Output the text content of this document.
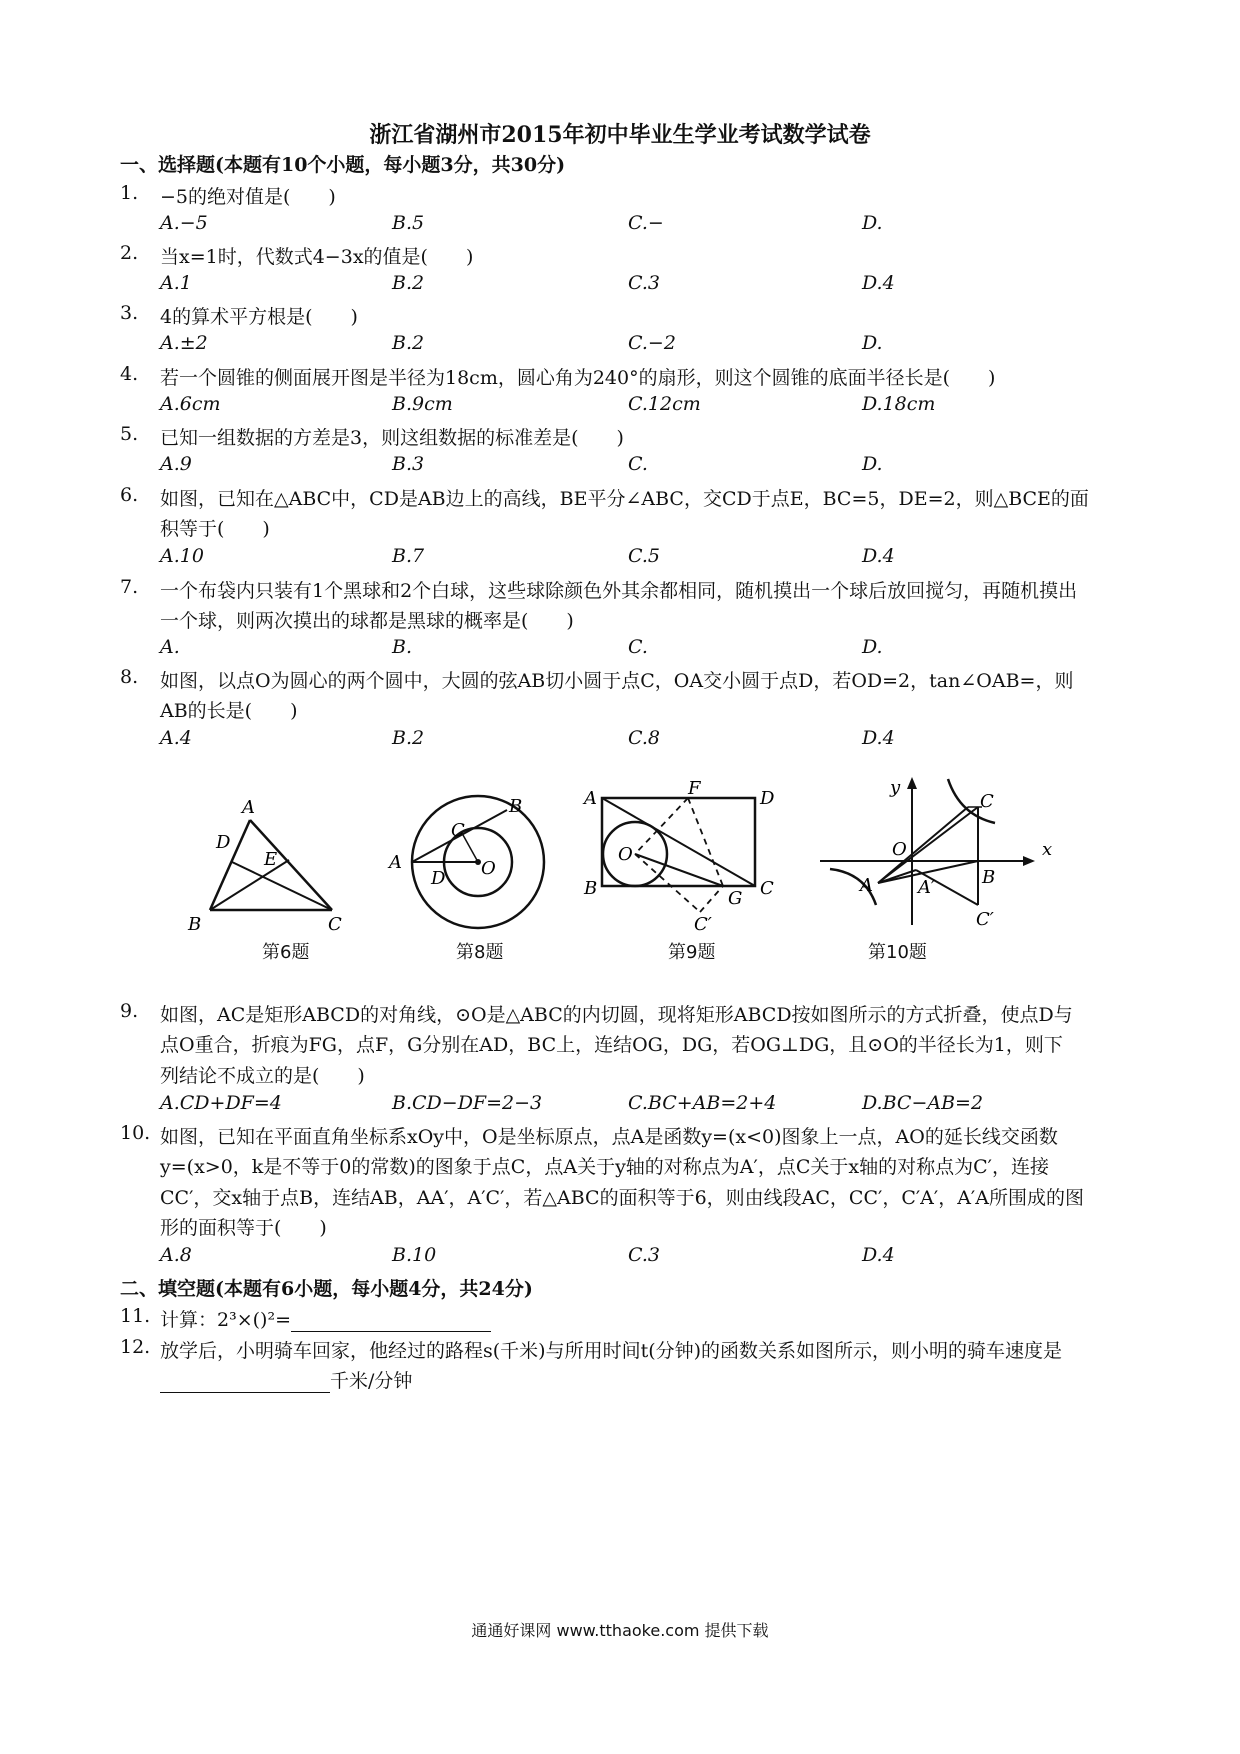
浙江省湖州市2015年初中毕业生学业考试数学试卷
一、选择题(本题有10个小题，每小题3分，共30分)
1. −5的绝对值是(　　)
A.−5	B.5	C.−	D.
2. 当x=1时，代数式4−3x的值是(　　)
A.1	B.2	C.3	D.4
3. 4的算术平方根是(　　)
A.±2	B.2	C.−2	D.
4. 若一个圆锥的侧面展开图是半径为18cm，圆心角为240°的扇形，则这个圆锥的底面半径长是(　　)
A.6cm	B.9cm	C.12cm	D.18cm
5. 已知一组数据的方差是3，则这组数据的标准差是(　　)
A.9	B.3	C.	D.
6. 如图，已知在△ABC中，CD是AB边上的高线，BE平分∠ABC，交CD于点E，BC=5，DE=2，则△BCE的面
积等于(　　)
A.10	B.7	C.5	D.4
7. 一个布袋内只装有1个黑球和2个白球，这些球除颜色外其余都相同，随机摸出一个球后放回搅匀，再随机摸出
一个球，则两次摸出的球都是黑球的概率是(　　)
A.	B.	C.	D.
8. 如图，以点O为圆心的两个圆中，大圆的弦AB切小圆于点C，OA交小圆于点D，若OD=2，tan∠OAB=，则
AB的长是(　　)
A.4	B.2	C.8	D.4
A
D
E
B	C
第6题
A
B
C
D O
第8题
A	D
F
O
B	C
G
C′
第9题
y
x
O
C
B
A	A′
C′
第10题
9. 如图，AC是矩形ABCD的对角线，⊙O是△ABC的内切圆，现将矩形ABCD按如图所示的方式折叠，使点D与
点O重合，折痕为FG，点F，G分别在AD，BC上，连结OG，DG，若OG⊥DG，且⊙O的半径长为1，则下
列结论不成立的是(　　)
A.CD+DF=4	B.CD−DF=2−3	C.BC+AB=2+4	D.BC−AB=2
10. 如图，已知在平面直角坐标系xOy中，O是坐标原点，点A是函数y=(x<0)图象上一点，AO的延长线交函数
y=(x>0，k是不等于0的常数)的图象于点C，点A关于y轴的对称点为A′，点C关于x轴的对称点为C′，连接
CC′，交x轴于点B，连结AB，AA′，A′C′，若△ABC的面积等于6，则由线段AC，CC′，C′A′，A′A所围成的图
形的面积等于(　　)
A.8	B.10	C.3	D.4
二、填空题(本题有6小题，每小题4分，共24分)
11. 计算：2³×()²=
12. 放学后，小明骑车回家，他经过的路程s(千米)与所用时间t(分钟)的函数关系如图所示，则小明的骑车速度是
千米/分钟
通通好课网 www.tthaoke.com 提供下载
